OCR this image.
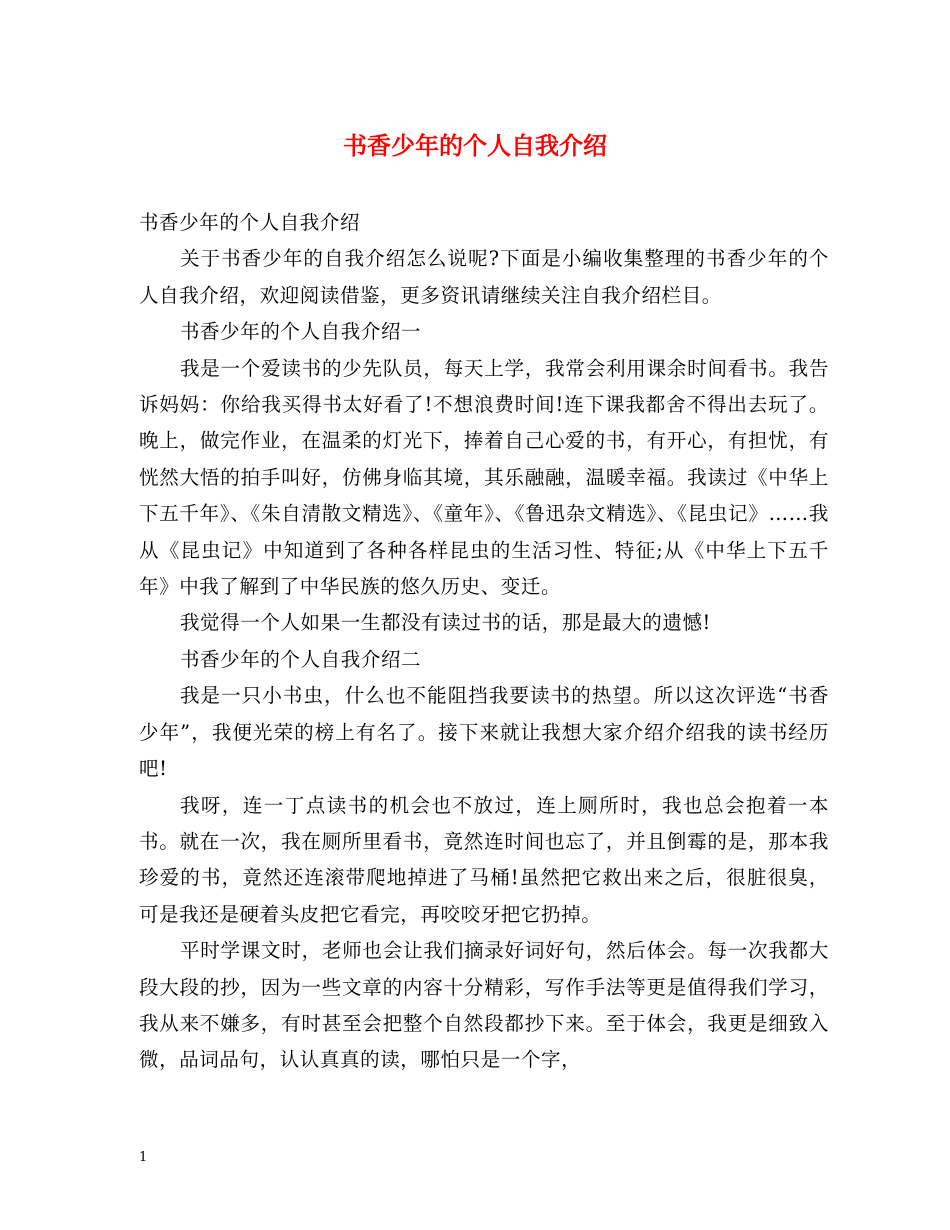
书香少年的个人自我介绍

书香少年的个人自我介绍

关于书香少年的自我介绍怎么说呢?下面是小编收集整理的书香少年的个人自我介绍，欢迎阅读借鉴，更多资讯请继续关注自我介绍栏目。

书香少年的个人自我介绍一

我是一个爱读书的少先队员，每天上学，我常会利用课余时间看书。我告诉妈妈：你给我买得书太好看了!不想浪费时间!连下课我都舍不得出去玩了。晚上，做完作业，在温柔的灯光下，捧着自己心爱的书，有开心，有担忧，有恍然大悟的拍手叫好，仿佛身临其境，其乐融融，温暖幸福。我读过《中华上下五千年》、《朱自清散文精选》、《童年》、《鲁迅杂文精选》、《昆虫记》……我从《昆虫记》中知道到了各种各样昆虫的生活习性、特征;从《中华上下五千年》中我了解到了中华民族的悠久历史、变迁。

我觉得一个人如果一生都没有读过书的话，那是最大的遗憾!

书香少年的个人自我介绍二

我是一只小书虫，什么也不能阻挡我要读书的热望。所以这次评选“书香少年”，我便光荣的榜上有名了。接下来就让我想大家介绍介绍我的读书经历吧!

我呀，连一丁点读书的机会也不放过，连上厕所时，我也总会抱着一本书。就在一次，我在厕所里看书，竟然连时间也忘了，并且倒霉的是，那本我珍爱的书，竟然还连滚带爬地掉进了马桶!虽然把它救出来之后，很脏很臭，可是我还是硬着头皮把它看完，再咬咬牙把它扔掉。

平时学课文时，老师也会让我们摘录好词好句，然后体会。每一次我都大段大段的抄，因为一些文章的内容十分精彩，写作手法等更是值得我们学习，我从来不嫌多，有时甚至会把整个自然段都抄下来。至于体会，我更是细致入微，品词品句，认认真真的读，哪怕只是一个字，

1
